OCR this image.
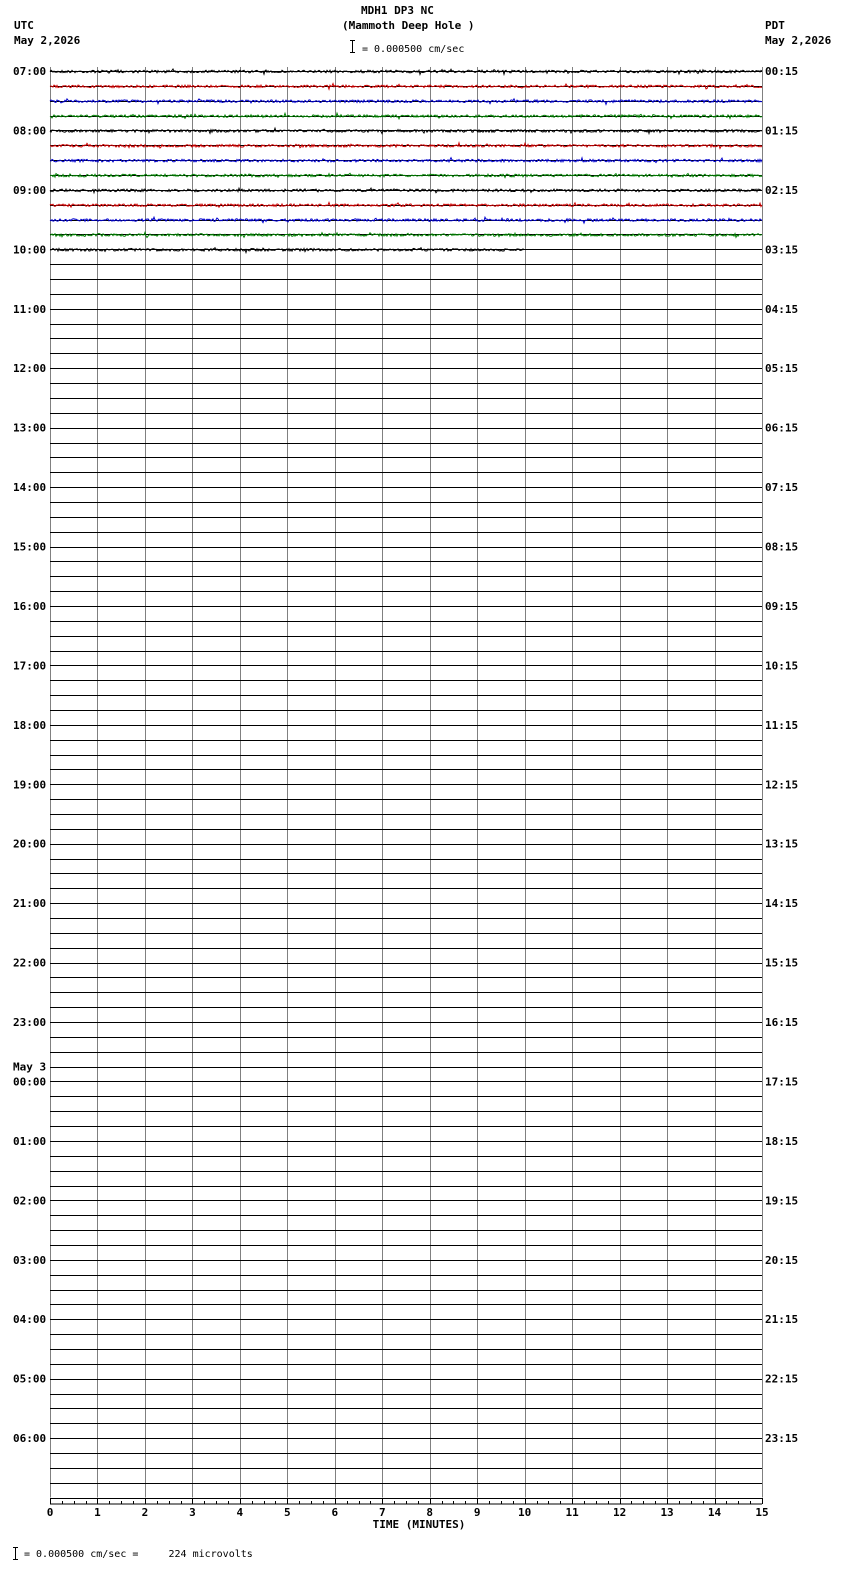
MDH1 DP3 NC
(Mammoth Deep Hole )
UTC
May 2,2026
PDT
May 2,2026
= 0.000500 cm/sec
= 0.000500 cm/sec =     224 microvolts
07:00	00:15
08:00	01:15
09:00	02:15
10:00	03:15
11:00	04:15
12:00	05:15
13:00	06:15
14:00	07:15
15:00	08:15
16:00	09:15
17:00	10:15
18:00	11:15
19:00	12:15
20:00	13:15
21:00	14:15
22:00	15:15
23:00	16:15
00:00	17:15
01:00	18:15
02:00	19:15
03:00	20:15
04:00	21:15
05:00	22:15
06:00	23:15
May 3
0	1	2	3	4	5	6	7	8	9	10	11	12	13	14	15
TIME (MINUTES)
